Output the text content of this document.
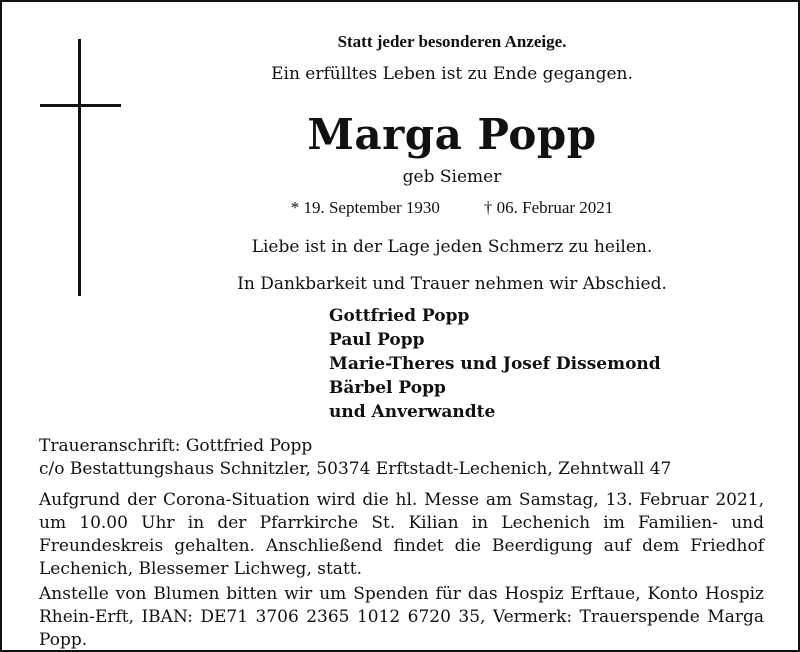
Statt jeder besonderen Anzeige.
Ein erfülltes Leben ist zu Ende gegangen.
Marga Popp
geb Siemer
* 19. September 1930	† 06. Februar 2021
Liebe ist in der Lage jeden Schmerz zu heilen.
In Dankbarkeit und Trauer nehmen wir Abschied.
Gottfried Popp
Paul Popp
Marie-Theres und Josef Dissemond
Bärbel Popp
und Anverwandte
Traueranschrift: Gottfried Popp
c/o Bestattungshaus Schnitzler, 50374 Erftstadt-Lechenich, Zehntwall 47
Aufgrund der Corona-Situation wird die hl. Messe am Samstag, 13. Februar 2021, um 10.00 Uhr in der Pfarrkirche St. Kilian in Lechenich im Familien- und Freundeskreis gehalten. Anschließend findet die Beerdigung auf dem Friedhof Lechenich, Blessemer Lichweg, statt.
Anstelle von Blumen bitten wir um Spenden für das Hospiz Erftaue, Konto Hospiz Rhein-Erft, IBAN: DE71 3706 2365 1012 6720 35, Vermerk: Trauerspende Marga Popp.
